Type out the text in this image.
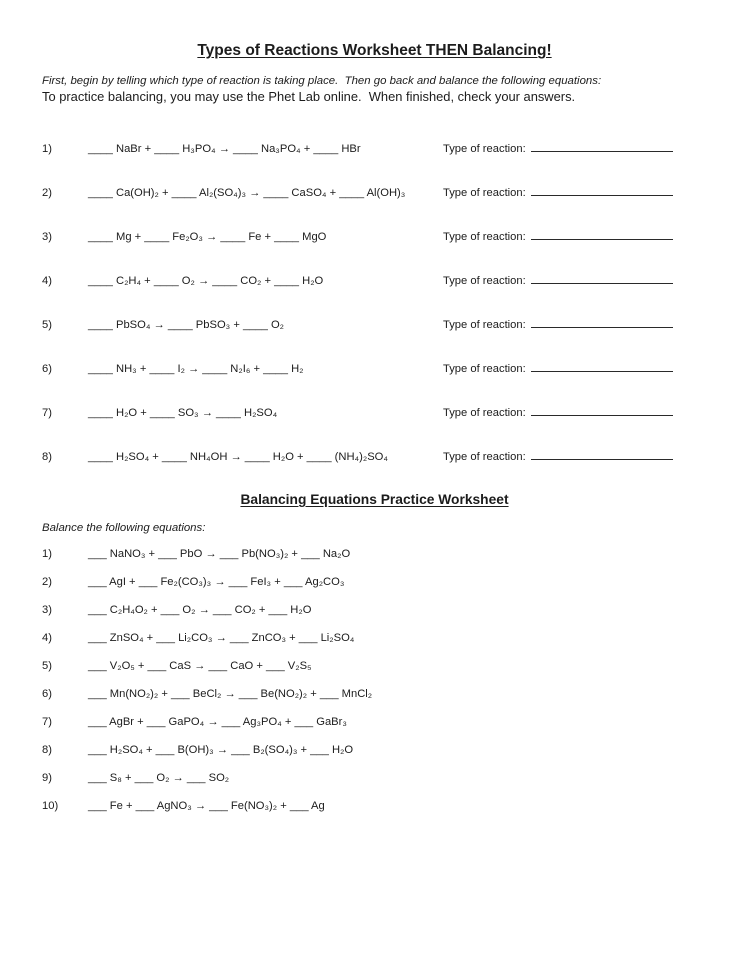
Types of Reactions Worksheet THEN Balancing!
First, begin by telling which type of reaction is taking place.  Then go back and balance the following equations:
To practice balancing, you may use the Phet Lab online.  When finished, check your answers.
1)	____ NaBr + ____ H₃PO₄ → ____ Na₃PO₄ + ____ HBr	Type of reaction:
2)	____ Ca(OH)₂ + ____ Al₂(SO₄)₃ → ____ CaSO₄ + ____ Al(OH)₃	Type of reaction:
3)	____ Mg + ____ Fe₂O₃ → ____ Fe + ____ MgO	Type of reaction:
4)	____ C₂H₄ + ____ O₂ → ____ CO₂ + ____ H₂O	Type of reaction:
5)	____ PbSO₄ → ____ PbSO₃ + ____ O₂	Type of reaction:
6)	____ NH₃ + ____ I₂ → ____ N₂I₆ + ____ H₂	Type of reaction:
7)	____ H₂O + ____ SO₃ → ____ H₂SO₄	Type of reaction:
8)	____ H₂SO₄ + ____ NH₄OH → ____ H₂O + ____ (NH₄)₂SO₄	Type of reaction:
Balancing Equations Practice Worksheet
Balance the following equations:
1)	___ NaNO₃ + ___ PbO → ___ Pb(NO₃)₂ + ___ Na₂O
2)	___ AgI + ___ Fe₂(CO₃)₃ → ___ FeI₃ + ___ Ag₂CO₃
3)	___ C₂H₄O₂ + ___ O₂ → ___ CO₂ + ___ H₂O
4)	___ ZnSO₄ + ___ Li₂CO₃ → ___ ZnCO₃ + ___ Li₂SO₄
5)	___ V₂O₅ + ___ CaS → ___ CaO + ___ V₂S₅
6)	___ Mn(NO₂)₂ + ___ BeCl₂ → ___ Be(NO₂)₂ + ___ MnCl₂
7)	___ AgBr + ___ GaPO₄ → ___ Ag₃PO₄ + ___ GaBr₃
8)	___ H₂SO₄ + ___ B(OH)₃ → ___ B₂(SO₄)₃ + ___ H₂O
9)	___ S₈ + ___ O₂ → ___ SO₂
10)	___ Fe + ___ AgNO₃ → ___ Fe(NO₃)₂ + ___ Ag
